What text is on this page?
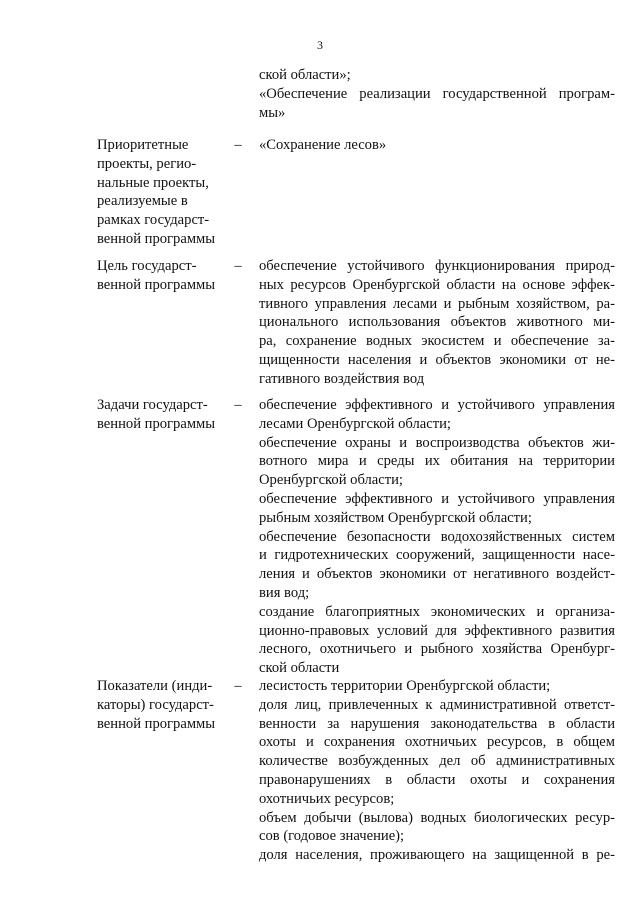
3
ской области»;
«Обеспечение реализации государственной програм-
мы»
Приоритетные
проекты, регио-
нальные проекты,
реализуемые в
рамках государст-
венной программы
– «Сохранение лесов»
Цель государст-
венной программы
– обеспечение устойчивого функционирования природ-
ных ресурсов Оренбургской области на основе эффек-
тивного управления лесами и рыбным хозяйством, ра-
ционального использования объектов животного ми-
ра, сохранение водных экосистем и обеспечение за-
щищенности населения и объектов экономики от не-
гативного воздействия вод
Задачи государст-
венной программы
– обеспечение эффективного и устойчивого управления
лесами Оренбургской области;
обеспечение охраны и воспроизводства объектов жи-
вотного мира и среды их обитания на территории
Оренбургской области;
обеспечение эффективного и устойчивого управления
рыбным хозяйством Оренбургской области;
обеспечение безопасности водохозяйственных систем
и гидротехнических сооружений, защищенности насе-
ления и объектов экономики от негативного воздейст-
вия вод;
создание благоприятных экономических и организа-
ционно-правовых условий для эффективного развития
лесного, охотничьего и рыбного хозяйства Оренбург-
ской области
Показатели (инди-
каторы) государст-
венной программы
– лесистость территории Оренбургской области;
доля лиц, привлеченных к административной ответст-
венности за нарушения законодательства в области
охоты и сохранения охотничьих ресурсов, в общем
количестве возбужденных дел об административных
правонарушениях в области охоты и сохранения
охотничьих ресурсов;
объем добычи (вылова) водных биологических ресур-
сов (годовое значение);
доля населения, проживающего на защищенной в ре-
